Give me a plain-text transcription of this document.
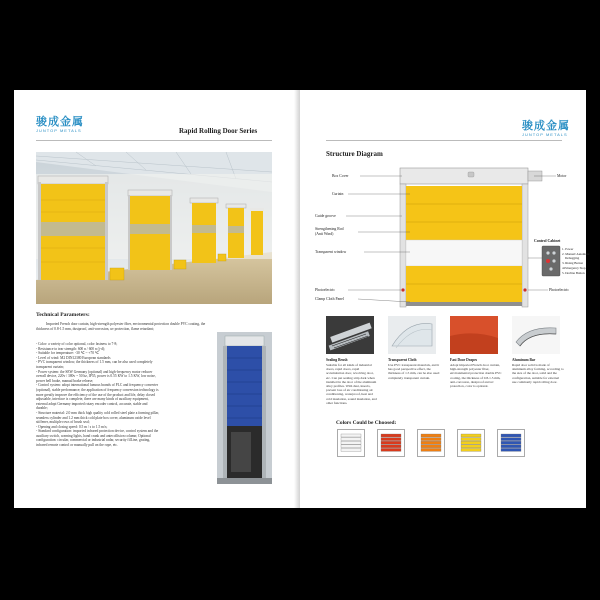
骏成金属
JUNTOP METALS	Rapid Rolling Door Series
Technical Parameters:

Imported French door curtain, high-strength polyester fiber, environmental protection double PVC coating, the thickness of 0.8-1.5 mm, dustproof, anti-corrosion, uv protection, flame retardant;

- Color: a variety of color optional, color fastness to 7-8;
- Resistance to tear strength: 600 n / 600 n (j-d);
- Suitable for temperature: -30 ℃ ~ +70 ℃
- Level of wind: M2 DIN12380 European standards
- PVC transparent window, the thickness of 1.5 mm, can be also used completely
transparent curtain;
- Power system: the SEW Germany (optional) and high-frequency motor reducer
overall device, 220v / 380v ~ 50 hz, IP55, power is 0.55 KW to 1.5 KW, low noise,
power bell brake, manual brake release;
- Control system: adopt international famous brands of PLC and frequency converter
(optional), stable performance; the application of frequency conversion technology is
more greatly improve the efficiency of the use of the product and life, delay closed
adjustable, interface is complete, there are many kinds of auxiliary equipment,
external adopt Germany imported rotary encoder control, accurate, stable and
durable;
- Structure material: 2.0 mm thick high quality cold rolled steel plate a forming pillar,
seamless cylinder and 1.2 mm thick cold plate box cover, aluminum oxide level
stiffener, multiple rows of brush seal;
- Opening and closing speed: 0.5 m / s to 1.5 m/s;
- Standard configuration: imported infrared protection device, control system and the
auxiliary switch, warning lights, hand crank and antecollision column; Optional
configuration: circular, commercial or industrial radar, security filLine, grating,
infrared remote control or manually pull on the rope, etc.
骏成金属
JUNTOP METALS
Structure Diagram
Box Cover
Curtain
Guide groove
Strengthening Rod
(Anti Wind)
Transparent window
Photoelectric
Clamp Cloth Panel
Motor
Control Cabinet
Photoelectric
1. Power
2. Manual/ Automatic
Debugging
3. Rising Button
4.Emergency Stop
5. Decline Button
Sealing Brush
Suitable for all kinds of industrial doors, rapid doors, rapid accumulation door, revolving door, etc. Can put sealing strip dark when installed in the door of the aluminum alloy profiles. With dust, insects, prevent loss of air conditioning air conditioning, waterproof, heat and cold insulation, sound insulation, and other functions.
Transparent Cloth
Use PVC transparent materials, and it has good perspective effect, the thickness of 1.5 mm, can be also used completely transparent curtain.
Fast Door Drapes
Adopt imported French door curtain, high-strength polyester fiber, environmental protection double PVC coating, the thickness of 0.8-1.5 mm, anti-corrosion, dustproof and uv protection, color is optional.
Aluminum Bar
Rapid door solid is made of aluminum alloy forming, according to the size of the door, solid and the configuration, suitable for external use commonly rapid rolling door.
Colors Could be Choosed:
